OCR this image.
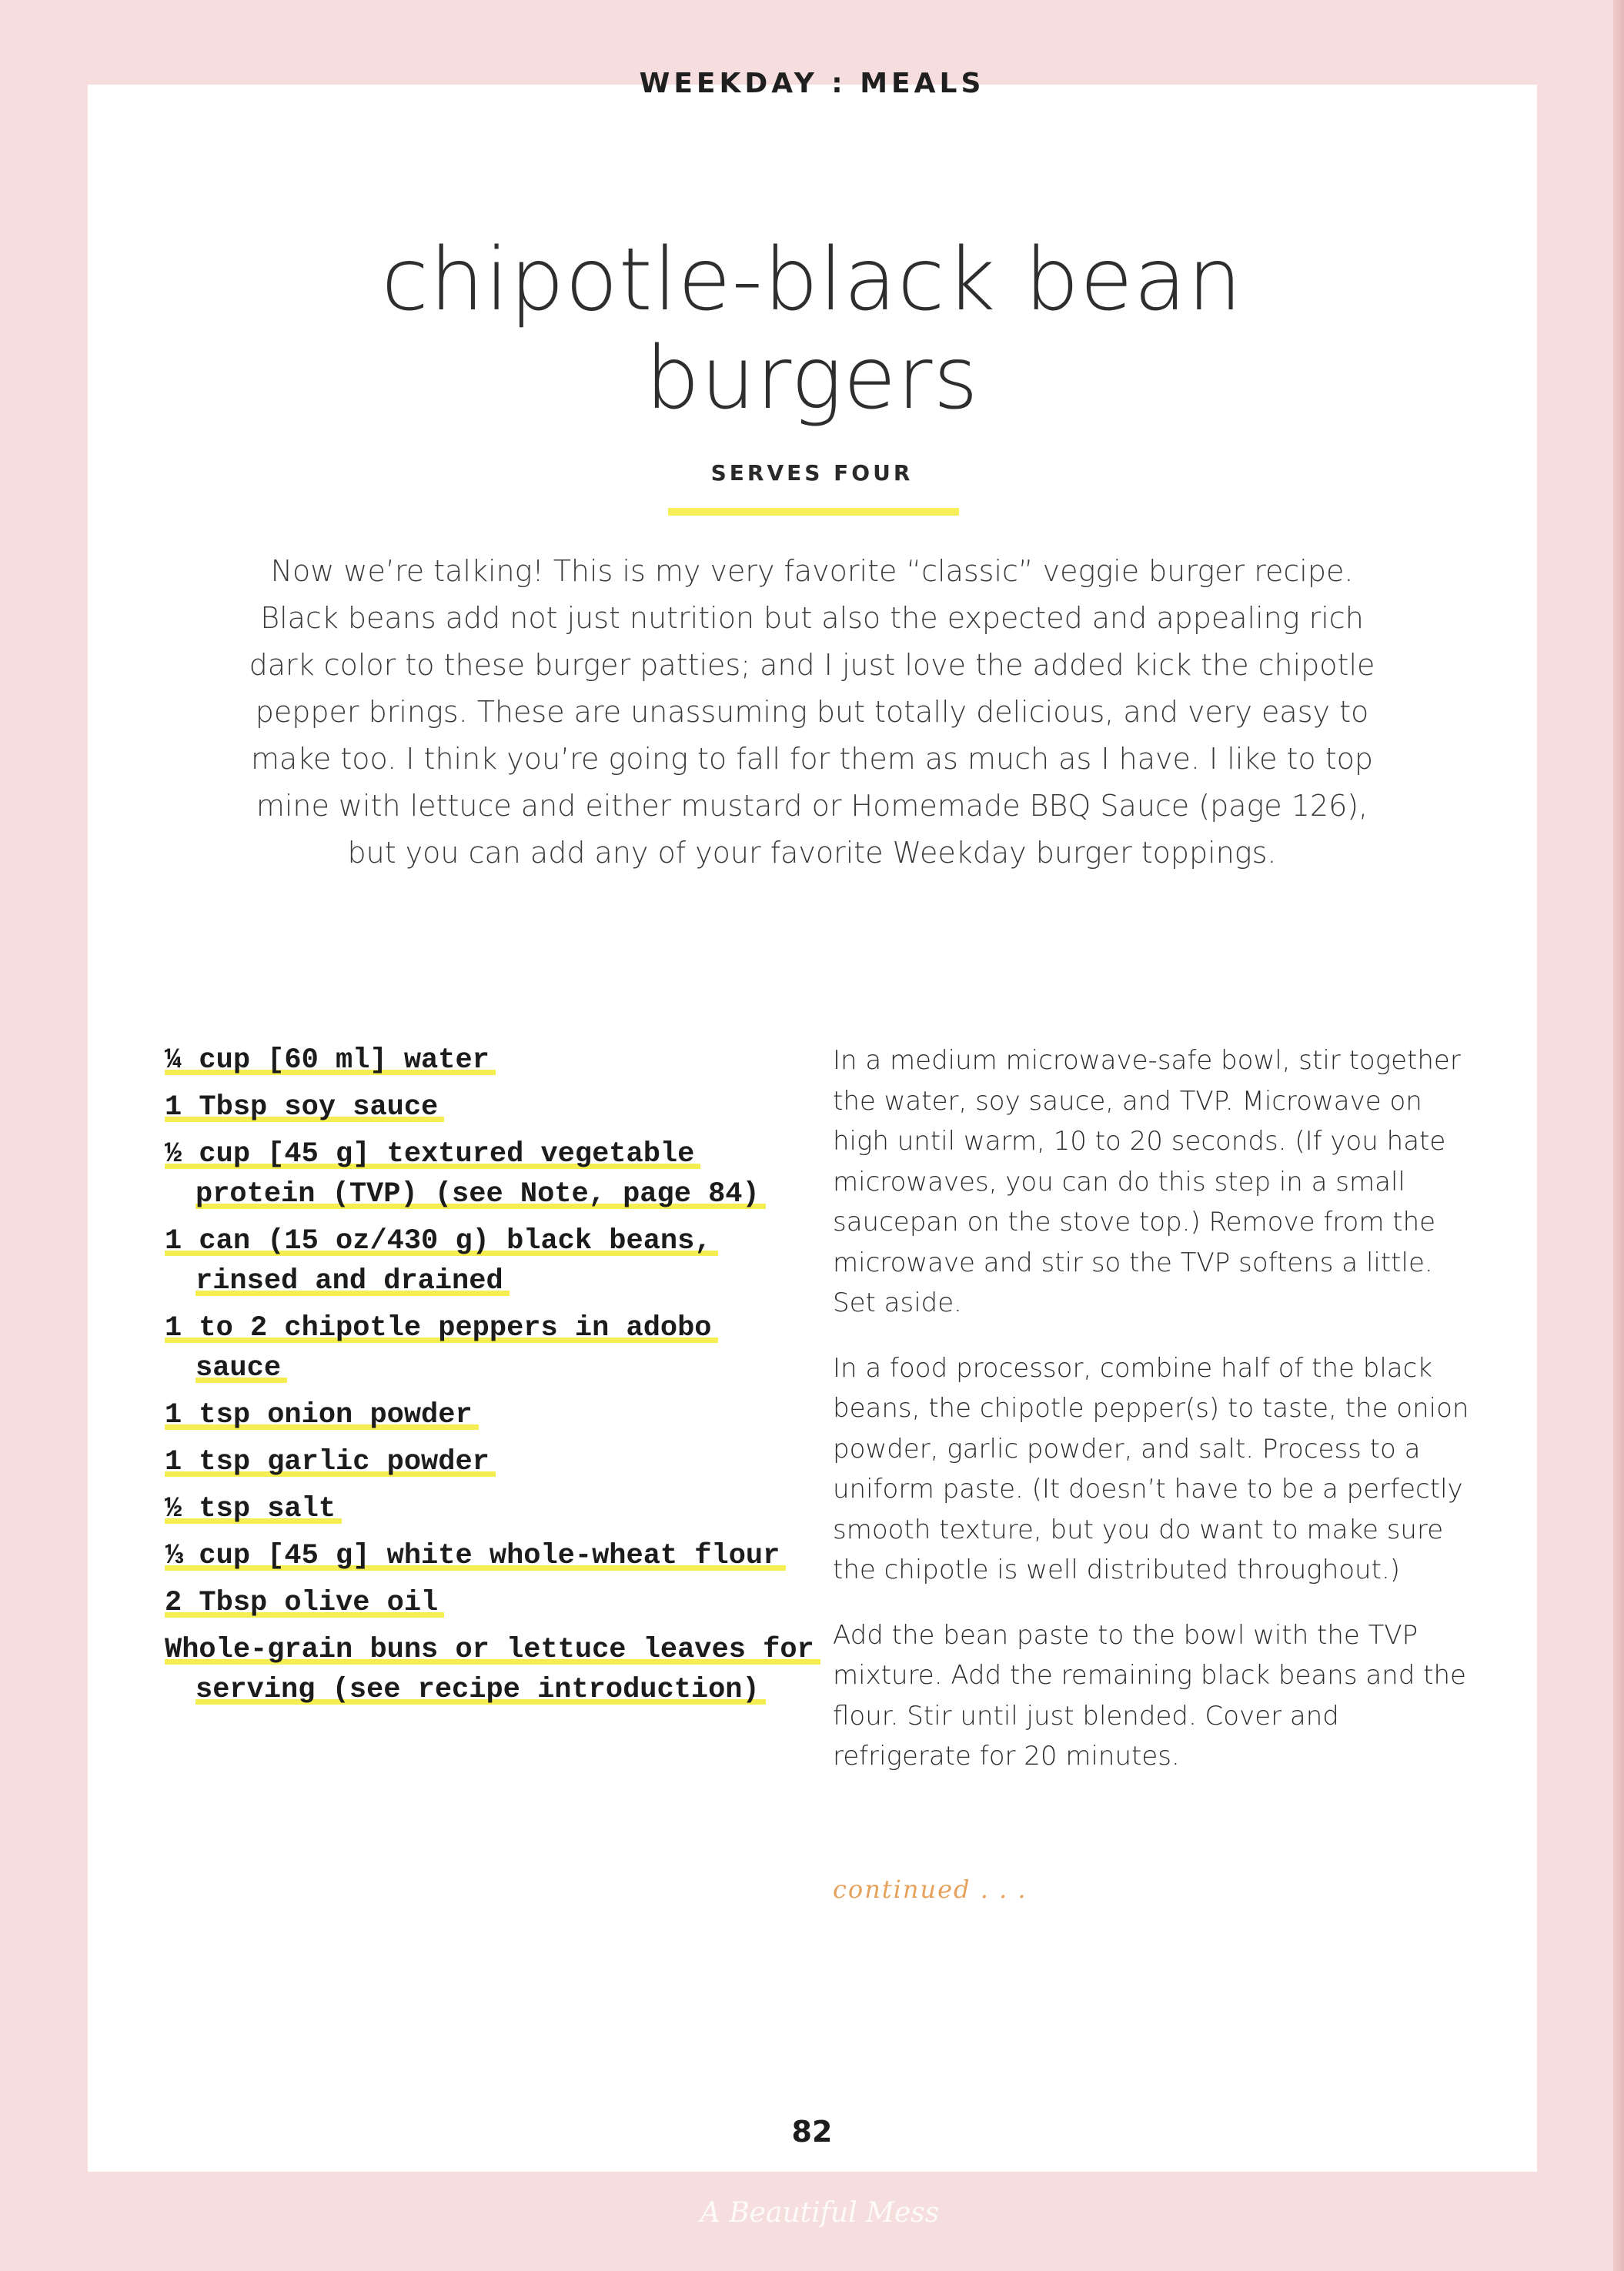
WEEKDAY : MEALS
chipotle-black bean
burgers
SERVES FOUR

Now we’re talking! This is my very favorite “classic” veggie burger recipe. Black beans add not just nutrition but also the expected and appealing rich dark color to these burger patties; and I just love the added kick the chipotle pepper brings. These are unassuming but totally delicious, and very easy to make too. I think you’re going to fall for them as much as I have. I like to top mine with lettuce and either mustard or Homemade BBQ Sauce (page 126), but you can add any of your favorite Weekday burger toppings.

¼ cup [60 ml] water
1 Tbsp soy sauce
½ cup [45 g] textured vegetable protein (TVP) (see Note, page 84)
1 can (15 oz/430 g) black beans, rinsed and drained
1 to 2 chipotle peppers in adobo sauce
1 tsp onion powder
1 tsp garlic powder
½ tsp salt
⅓ cup [45 g] white whole-wheat flour
2 Tbsp olive oil
Whole-grain buns or lettuce leaves for serving (see recipe introduction)

In a medium microwave-safe bowl, stir together the water, soy sauce, and TVP. Microwave on high until warm, 10 to 20 seconds. (If you hate microwaves, you can do this step in a small saucepan on the stove top.) Remove from the microwave and stir so the TVP softens a little. Set aside.

In a food processor, combine half of the black beans, the chipotle pepper(s) to taste, the onion powder, garlic powder, and salt. Process to a uniform paste. (It doesn’t have to be a perfectly smooth texture, but you do want to make sure the chipotle is well distributed throughout.)

Add the bean paste to the bowl with the TVP mixture. Add the remaining black beans and the flour. Stir until just blended. Cover and refrigerate for 20 minutes.

continued . . .
82
A Beautiful Mess
